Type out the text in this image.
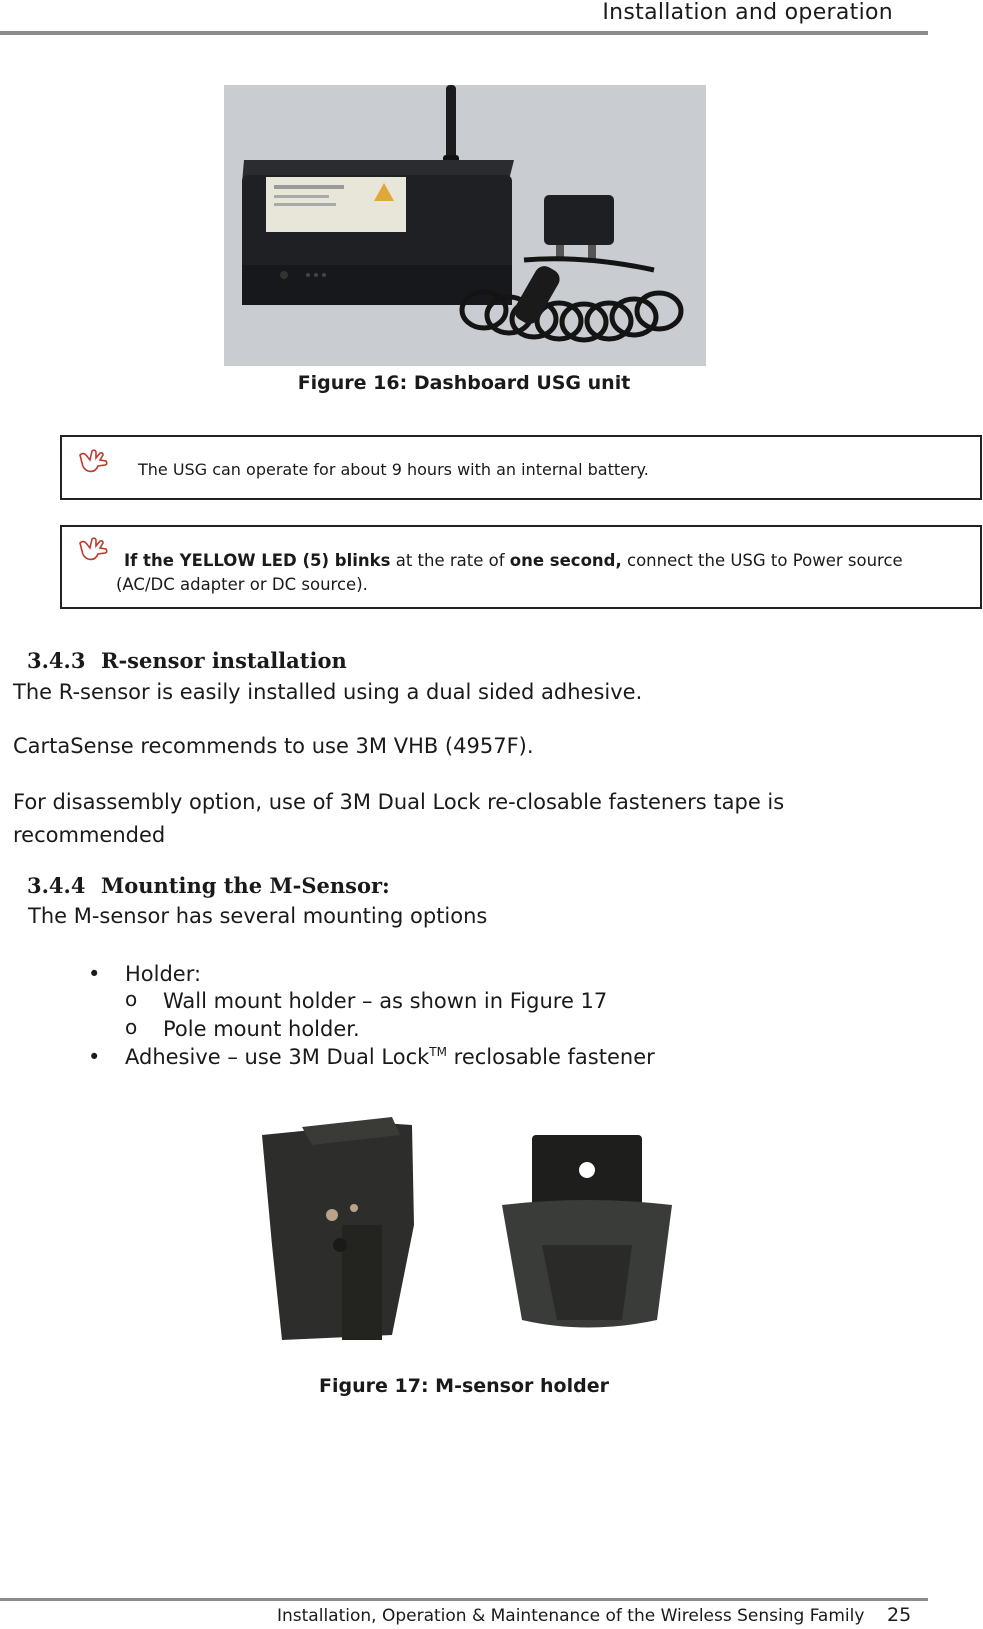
Installation and operation
Figure 16: Dashboard USG unit
The USG can operate for about 9 hours with an internal battery.
If the YELLOW LED (5) blinks at the rate of one second, connect the USG to Power source (AC/DC adapter or DC source).
3.4.3 R-sensor installation
The R-sensor is easily installed using a dual sided adhesive.
CartaSense recommends to use 3M VHB (4957F).
For disassembly option, use of 3M Dual Lock re-closable fasteners tape is recommended
3.4.4 Mounting the M-Sensor:
The M-sensor has several mounting options
• Holder:
o Wall mount holder – as shown in Figure 17
o Pole mount holder.
• Adhesive – use 3M Dual Lock™ reclosable fastener
Figure 17: M-sensor holder
Installation, Operation & Maintenance of the Wireless Sensing Family 25
